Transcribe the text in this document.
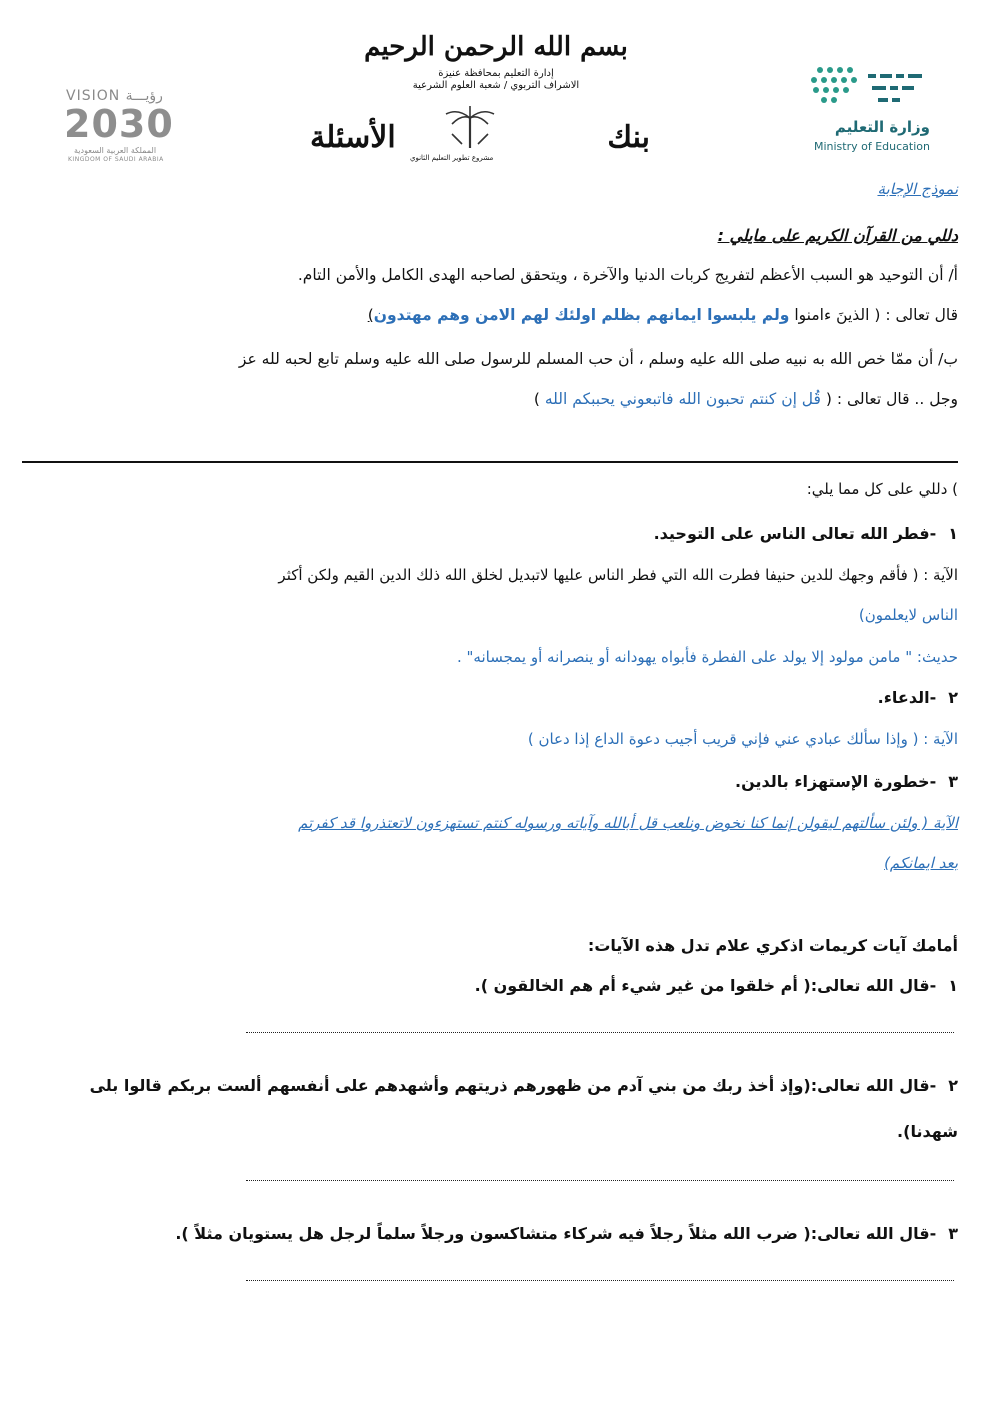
بسم الله الرحمن الرحيم
إدارة التعليم بمحافظة عنيزة
الاشراف التربوي / شعبة العلوم الشرعية
بنك
الأسئلة
مشروع تطوير التعليم الثانوي
وزارة التعليم
Ministry of Education
VISION رؤيـــة
2030
المملكة العربية السعودية
KINGDOM OF SAUDI ARABIA
نموذج الإجابة
دللي من القرآن الكريم على مايلي :
أ/ أن التوحيد هو السبب الأعظم لتفريج كربات الدنيا والآخرة ، ويتحقق لصاحبه الهدى الكامل والأمن التام.
قال تعالى : ( الذينَ ءامنوا ولم يلبسوا ايمانهم بظلم اولئك لهم الامن وهم مهتدون)
ب/ أن ممّا خص الله به نبيه صلى الله عليه وسلم ، أن حب المسلم للرسول صلى الله عليه وسلم تابع لحبه لله عز
وجل .. قال تعالى : ( قُل إن كنتم تحبون الله فاتبعوني يحببكم الله )
) دللي على كل مما يلي:
١-فطر الله تعالى الناس على التوحيد.
الآية : ( فأقم وجهك للدين حنيفا فطرت الله التي فطر الناس عليها لاتبديل لخلق الله ذلك الدين القيم ولكن أكثر
الناس لايعلمون)
حديث: " مامن مولود إلا يولد على الفطرة فأبواه يهودانه أو ينصرانه أو يمجسانه" .
٢-الدعاء.
الآية : ( وإذا سألك عبادي عني فإني قريب أجيب دعوة الداع إذا دعان )
٣-خطورة الإستهزاء بالدين.
الآية ( ولئن سألتهم ليقولن إنما كنا نخوض ونلعب قل أبالله وآياته ورسوله كنتم تستهزءون لاتعتذروا قد كفرتم
بعد ايمانكم)
أمامك آيات كريمات اذكري علام تدل هذه الآيات:
١-قال الله تعالى:( أم خلقوا من غير شيء أم هم الخالقون ).
٢-قال الله تعالى:(وإذ أخذ ربك من بني آدم من ظهورهم ذريتهم وأشهدهم على أنفسهم ألست بربكم قالوا بلى
شهدنا).
٣-قال الله تعالى:( ضرب الله مثلاً رجلاً فيه شركاء متشاكسون ورجلاً سلماً لرجل هل يستويان مثلاً ).
